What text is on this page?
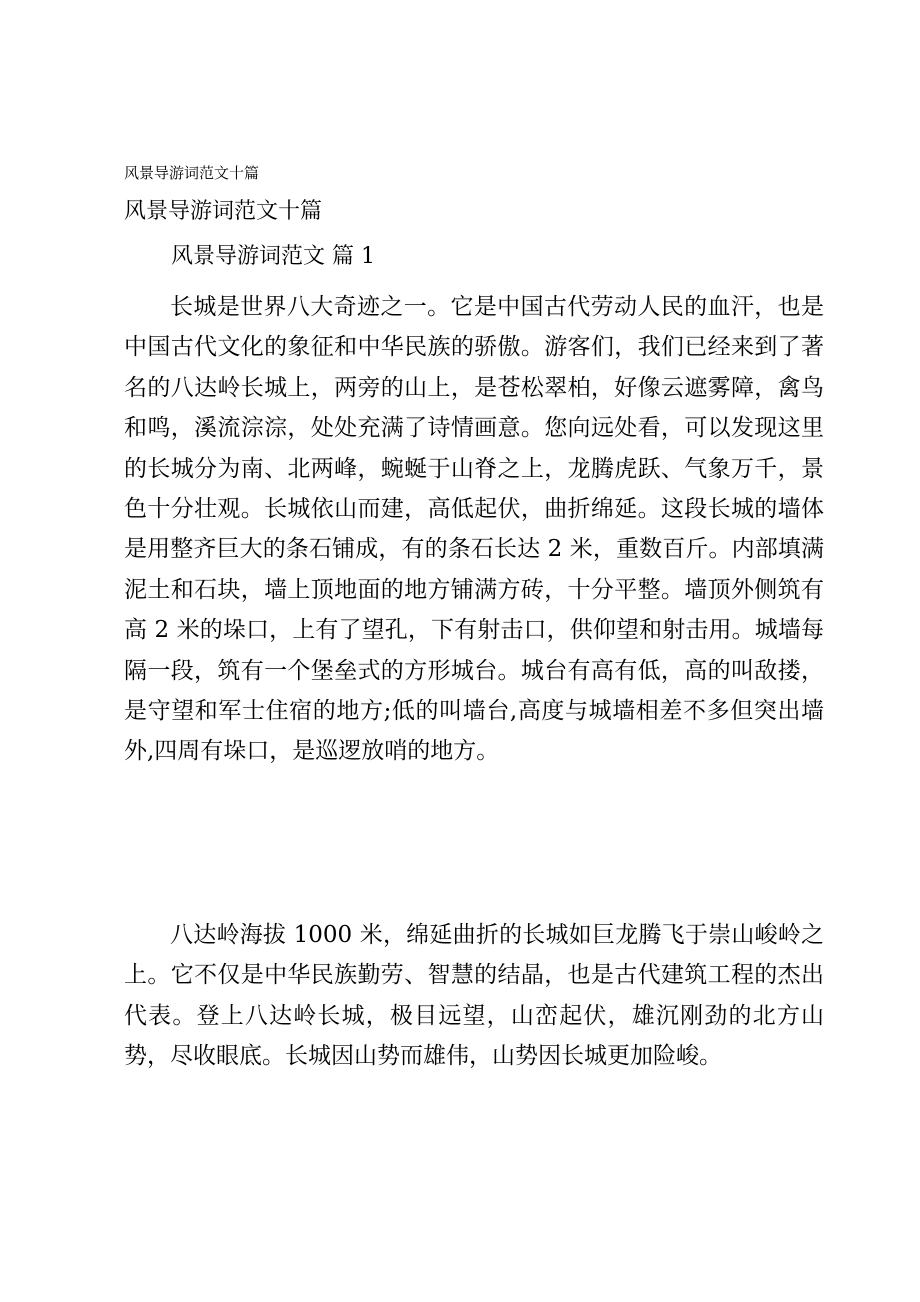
风景导游词范文十篇
风景导游词范文十篇
风景导游词范文 篇 1

长城是世界八大奇迹之一。它是中国古代劳动人民的血汗，也是中国古代文化的象征和中华民族的骄傲。游客们，我们已经来到了著名的八达岭长城上，两旁的山上，是苍松翠柏，好像云遮雾障，禽鸟和鸣，溪流淙淙，处处充满了诗情画意。您向远处看，可以发现这里的长城分为南、北两峰，蜿蜒于山脊之上，龙腾虎跃、气象万千，景色十分壮观。长城依山而建，高低起伏，曲折绵延。这段长城的墙体是用整齐巨大的条石铺成，有的条石长达 2 米，重数百斤。内部填满泥土和石块，墙上顶地面的地方铺满方砖，十分平整。墙顶外侧筑有高 2 米的垛口，上有了望孔，下有射击口，供仰望和射击用。城墙每隔一段，筑有一个堡垒式的方形城台。城台有高有低，高的叫敌搂，是守望和军士住宿的地方;低的叫墙台,高度与城墙相差不多但突出墙外,四周有垛口，是巡逻放哨的地方。

八达岭海拔 1000 米，绵延曲折的长城如巨龙腾飞于崇山峻岭之上。它不仅是中华民族勤劳、智慧的结晶，也是古代建筑工程的杰出代表。登上八达岭长城，极目远望，山峦起伏，雄沉刚劲的北方山势，尽收眼底。长城因山势而雄伟，山势因长城更加险峻。
